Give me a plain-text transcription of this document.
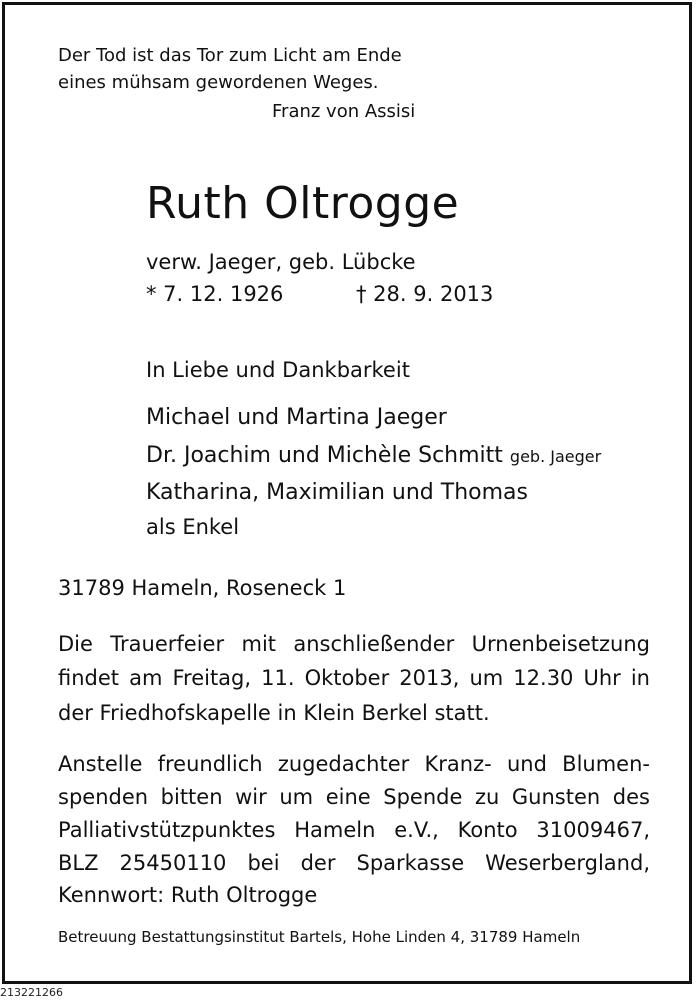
Der Tod ist das Tor zum Licht am Ende
eines mühsam gewordenen Weges.
Franz von Assisi
Ruth Oltrogge
verw. Jaeger, geb. Lübcke
* 7. 12. 1926	† 28. 9. 2013
In Liebe und Dankbarkeit
Michael und Martina Jaeger
Dr. Joachim und Michèle Schmitt geb. Jaeger
Katharina, Maximilian und Thomas
als Enkel
31789 Hameln, Roseneck 1
Die Trauerfeier mit anschließender Urnenbeisetzung
findet am Freitag, 11. Oktober 2013, um 12.30 Uhr in
der Friedhofskapelle in Klein Berkel statt.
Anstelle freundlich zugedachter Kranz- und Blumen-
spenden bitten wir um eine Spende zu Gunsten des
Palliativstützpunktes Hameln e.V., Konto 31009467,
BLZ 25450110 bei der Sparkasse Weserbergland,
Kennwort: Ruth Oltrogge
Betreuung Bestattungsinstitut Bartels, Hohe Linden 4, 31789 Hameln
213221266
